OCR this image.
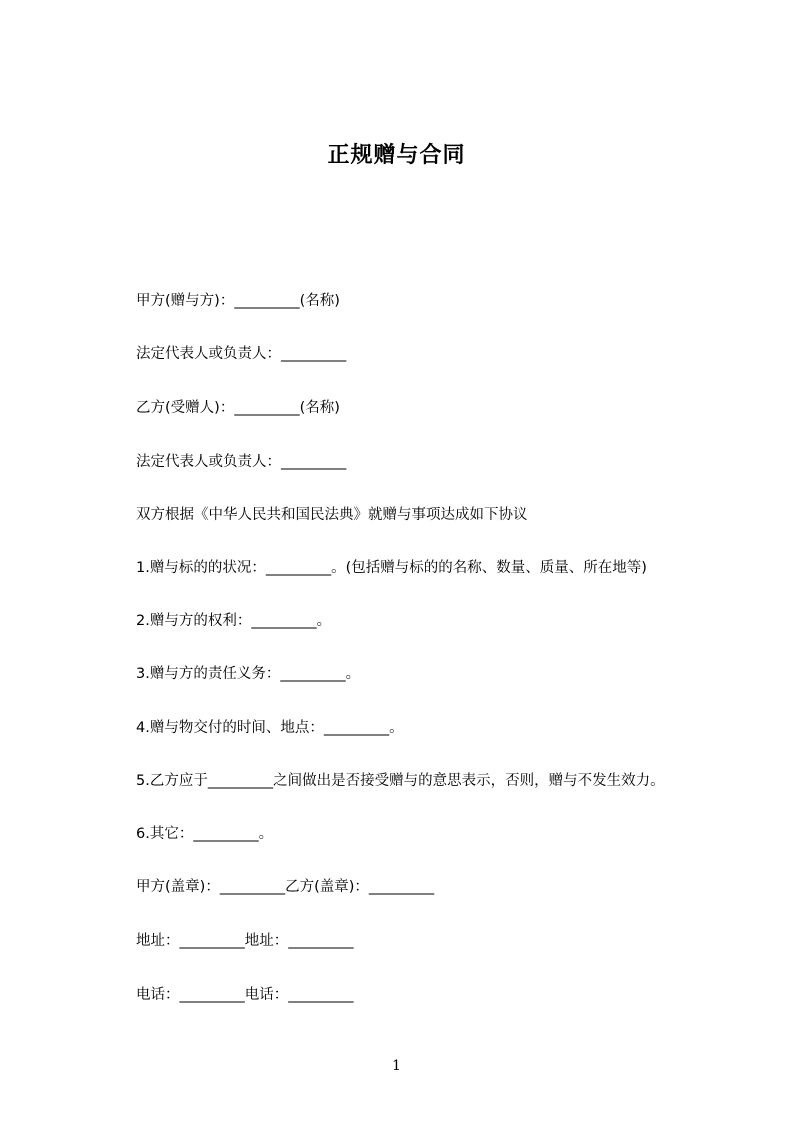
正规赠与合同
甲方(赠与方)：_________(名称)
法定代表人或负责人：_________
乙方(受赠人)：_________(名称)
法定代表人或负责人：_________
双方根据《中华人民共和国民法典》就赠与事项达成如下协议
1.赠与标的的状况：_________。(包括赠与标的的名称、数量、质量、所在地等)
2.赠与方的权利：_________。
3.赠与方的责任义务：_________。
4.赠与物交付的时间、地点：_________。
5.乙方应于_________之间做出是否接受赠与的意思表示，否则，赠与不发生效力。
6.其它：_________。
甲方(盖章)：_________乙方(盖章)：_________
地址：_________地址：_________
电话：_________电话：_________
1
